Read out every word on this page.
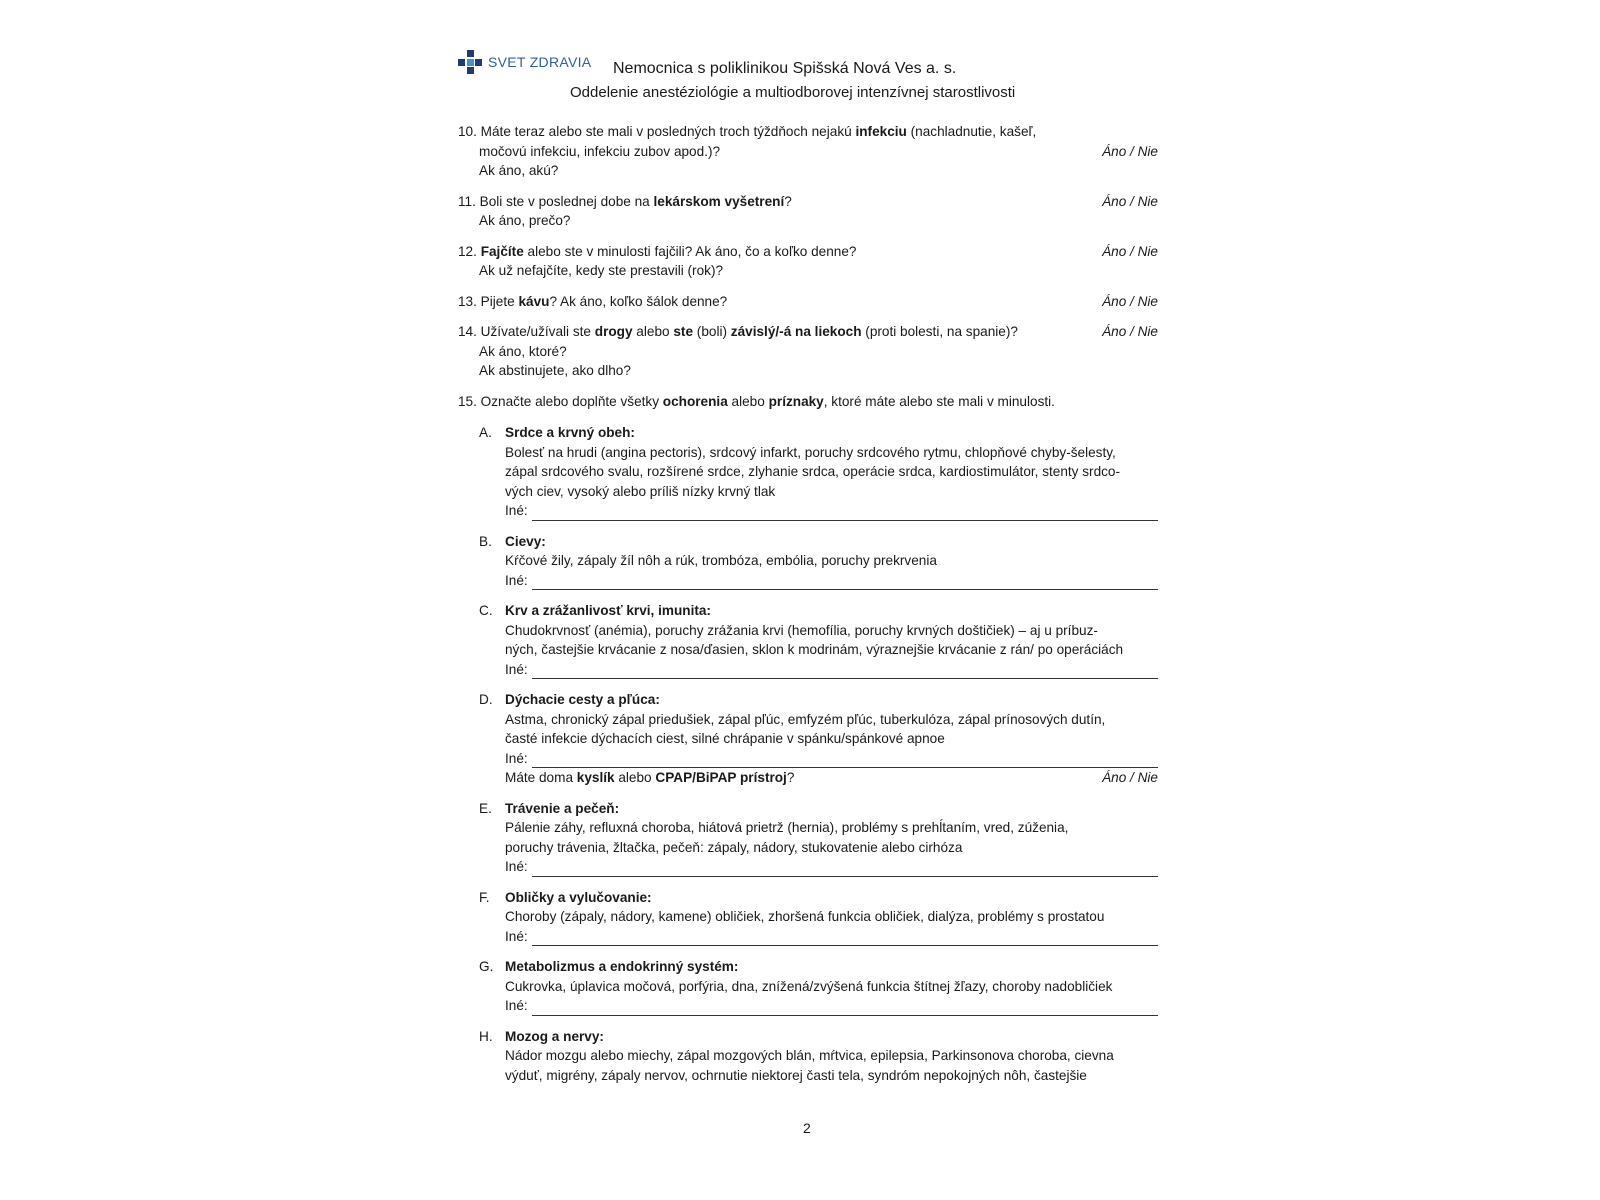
SVET ZDRAVIA Nemocnica s poliklinikou Spišská Nová Ves a. s.
Oddelenie anestéziológie a multiodborovej intenzívnej starostlivosti
10. Máte teraz alebo ste mali v posledných troch týždňoch nejakú infekciu (nachladnutie, kašeľ,
močovú infekciu, infekciu zubov apod.)?	Áno / Nie
Ak áno, akú?
11. Boli ste v poslednej dobe na lekárskom vyšetrení?	Áno / Nie
Ak áno, prečo?
12. Fajčíte alebo ste v minulosti fajčili? Ak áno, čo a koľko denne?	Áno / Nie
Ak už nefajčíte, kedy ste prestavili (rok)?
13. Pijete kávu? Ak áno, koľko šálok denne?	Áno / Nie
14. Užívate/užívali ste drogy alebo ste (boli) závislý/-á na liekoch (proti bolesti, na spanie)?	Áno / Nie
Ak áno, ktoré?
Ak abstinujete, ako dlho?
15. Označte alebo doplňte všetky ochorenia alebo príznaky, ktoré máte alebo ste mali v minulosti.
A. Srdce a krvný obeh:
Bolesť na hrudi (angina pectoris), srdcový infarkt, poruchy srdcového rytmu, chlopňové chyby-šelesty,
zápal srdcového svalu, rozšírené srdce, zlyhanie srdca, operácie srdca, kardiostimulátor, stenty srdco-
vých ciev, vysoký alebo príliš nízky krvný tlak
Iné:
B. Cievy:
Kŕčové žily, zápaly žíl nôh a rúk, trombóza, embólia, poruchy prekrvenia
Iné:
C. Krv a zrážanlivosť krvi, imunita:
Chudokrvnosť (anémia), poruchy zrážania krvi (hemofília, poruchy krvných doštičiek) – aj u príbuz-
ných, častejšie krvácanie z nosa/ďasien, sklon k modrinám, výraznejšie krvácanie z rán/ po operáciách
Iné:
D. Dýchacie cesty a pľúca:
Astma, chronický zápal priedušiek, zápal pľúc, emfyzém pľúc, tuberkulóza, zápal prínosových dutín,
časté infekcie dýchacích ciest, silné chrápanie v spánku/spánkové apnoe
Iné:
Máte doma kyslík alebo CPAP/BiPAP prístroj?	Áno / Nie
E. Trávenie a pečeň:
Pálenie záhy, refluxná choroba, hiátová prietrž (hernia), problémy s prehĺtaním, vred, zúženia,
poruchy trávenia, žltačka, pečeň: zápaly, nádory, stukovatenie alebo cirhóza
Iné:
F.	Obličky a vylučovanie:
Choroby (zápaly, nádory, kamene) obličiek, zhoršená funkcia obličiek, dialýza, problémy s prostatou
Iné:
G. Metabolizmus a endokrinný systém:
Cukrovka, úplavica močová, porfýria, dna, znížená/zvýšená funkcia štítnej žľazy, choroby nadobličiek
Iné:
H. Mozog a nervy:
Nádor mozgu alebo miechy, zápal mozgových blán, mŕtvica, epilepsia, Parkinsonova choroba, cievna
výduť, migrény, zápaly nervov, ochrnutie niektorej časti tela, syndróm nepokojných nôh, častejšie
2
